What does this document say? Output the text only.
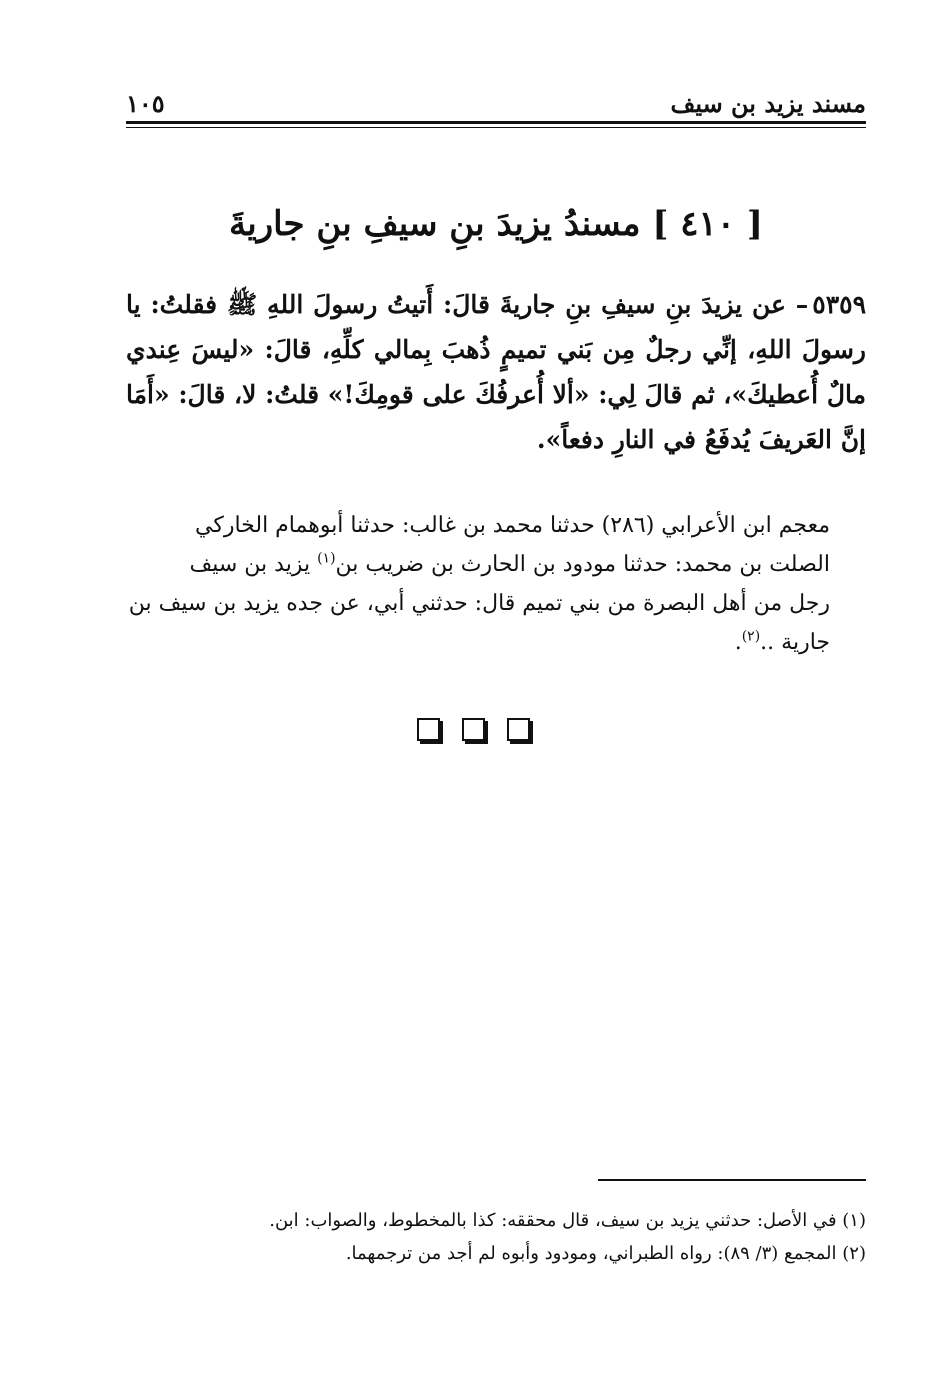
مسند يزيد بن سيف
١٠٥
[ ٤١٠ ] مسندُ يزيدَ بنِ سيفِ بنِ جاريةَ
٥٣٥٩– عن يزيدَ بنِ سيفِ بنِ جاريةَ قالَ: أَتيتُ رسولَ اللهِ ﷺ فقلتُ: يا رسولَ اللهِ، إنِّي رجلٌ مِن بَني تميمٍ ذُهبَ بِمالي كلِّهِ، قالَ: «ليسَ عِندي مالٌ أُعطيكَ»، ثم قالَ لِي: «ألا أُعرفُكَ على قومِكَ!» قلتُ: لا، قالَ: «أَمَا إنَّ العَريفَ يُدفَعُ في النارِ دفعاً».

معجم ابن الأعرابي (٢٨٦) حدثنا محمد بن غالب: حدثنا أبوهمام الخاركي
الصلت بن محمد: حدثنا مودود بن الحارث بن ضريب بن$^{(١)}$ يزيد بن سيف
رجل من أهل البصرة من بني تميم قال: حدثني أبي، عن جده يزيد بن سيف بن
جارية ..$^{(٢)}$.

(١) في الأصل: حدثني يزيد بن سيف، قال محققه: كذا بالمخطوط، والصواب: ابن.
(٢) المجمع (٣/ ٨٩): رواه الطبراني، ومودود وأبوه لم أجد من ترجمهما.
